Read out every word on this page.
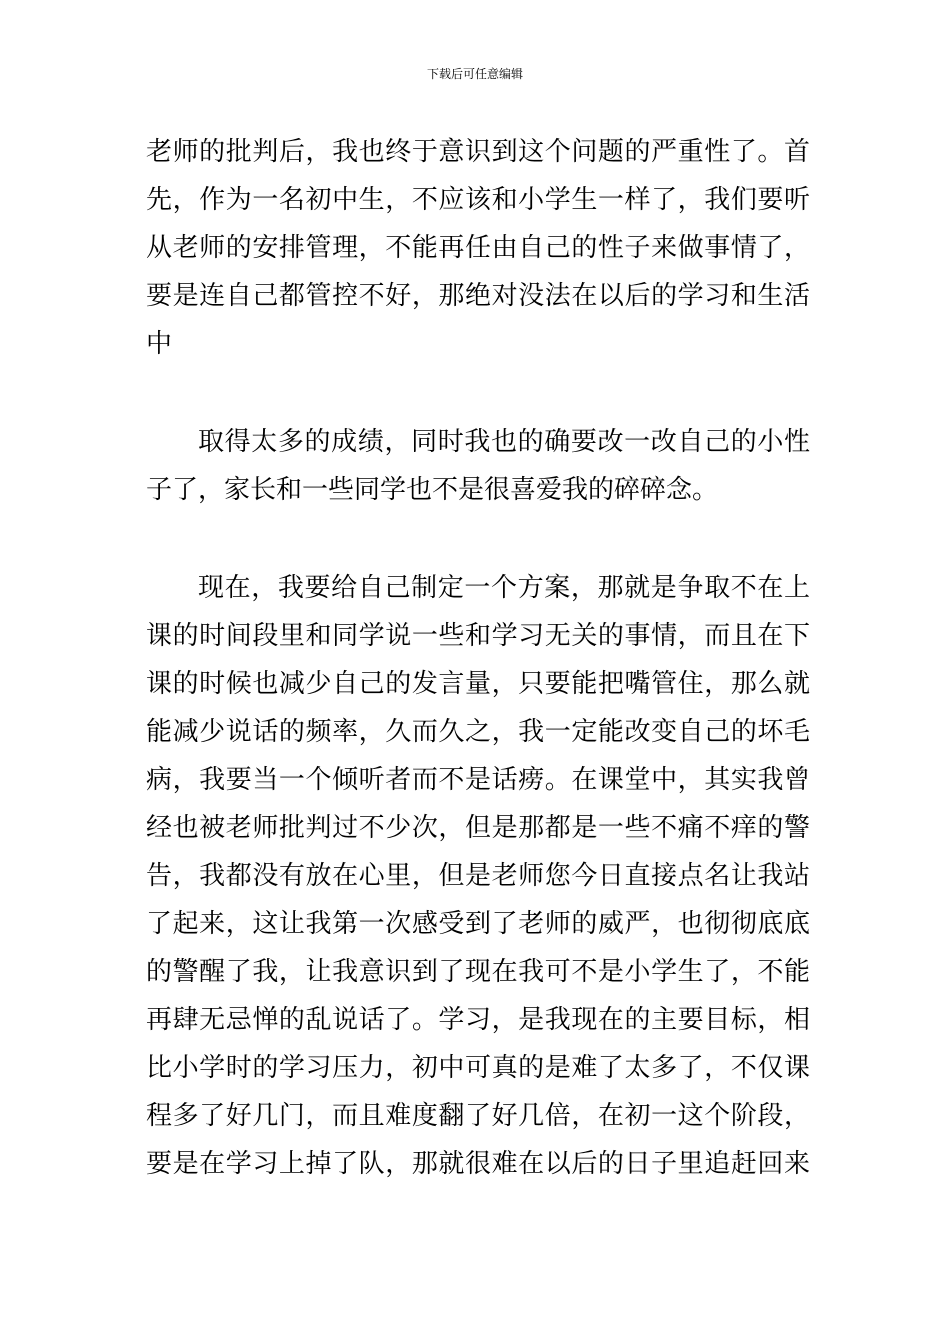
下载后可任意编辑
老师的批判后，我也终于意识到这个问题的严重性了。首
先，作为一名初中生，不应该和小学生一样了，我们要听
从老师的安排管理，不能再任由自己的性子来做事情了，
要是连自己都管控不好，那绝对没法在以后的学习和生活
中
取得太多的成绩，同时我也的确要改一改自己的小性
子了，家长和一些同学也不是很喜爱我的碎碎念。
现在，我要给自己制定一个方案，那就是争取不在上
课的时间段里和同学说一些和学习无关的事情，而且在下
课的时候也减少自己的发言量，只要能把嘴管住，那么就
能减少说话的频率，久而久之，我一定能改变自己的坏毛
病，我要当一个倾听者而不是话痨。在课堂中，其实我曾
经也被老师批判过不少次，但是那都是一些不痛不痒的警
告，我都没有放在心里，但是老师您今日直接点名让我站
了起来，这让我第一次感受到了老师的威严，也彻彻底底
的警醒了我，让我意识到了现在我可不是小学生了，不能
再肆无忌惮的乱说话了。学习，是我现在的主要目标，相
比小学时的学习压力，初中可真的是难了太多了，不仅课
程多了好几门，而且难度翻了好几倍，在初一这个阶段，
要是在学习上掉了队，那就很难在以后的日子里追赶回来
